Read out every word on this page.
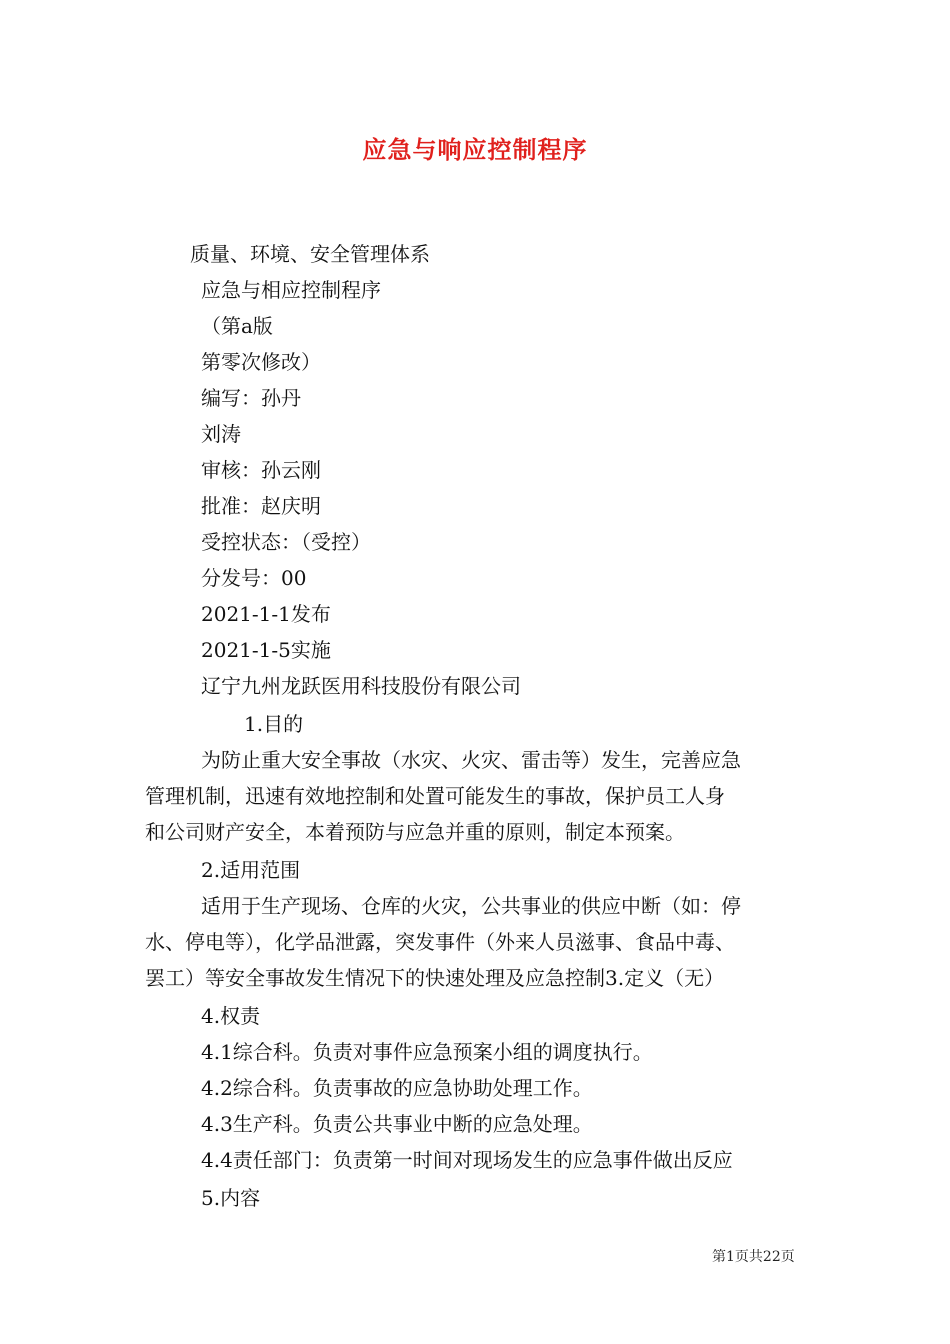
应急与响应控制程序
质量、环境、安全管理体系
应急与相应控制程序
（第a版
第零次修改）
编写：孙丹
刘涛
审核：孙云刚
批准：赵庆明
受控状态：（受控）
分发号：00
2021-1-1发布
2021-1-5实施
辽宁九州龙跃医用科技股份有限公司
1.目的
为防止重大安全事故（水灾、火灾、雷击等）发生，完善应急
管理机制，迅速有效地控制和处置可能发生的事故，保护员工人身
和公司财产安全，本着预防与应急并重的原则，制定本预案。
2.适用范围
适用于生产现场、仓库的火灾，公共事业的供应中断（如：停
水、停电等），化学品泄露，突发事件（外来人员滋事、食品中毒、
罢工）等安全事故发生情况下的快速处理及应急控制3.定义（无）
4.权责
4.1综合科。负责对事件应急预案小组的调度执行。
4.2综合科。负责事故的应急协助处理工作。
4.3生产科。负责公共事业中断的应急处理。
4.4责任部门：负责第一时间对现场发生的应急事件做出反应
5.内容
第1页共22页
